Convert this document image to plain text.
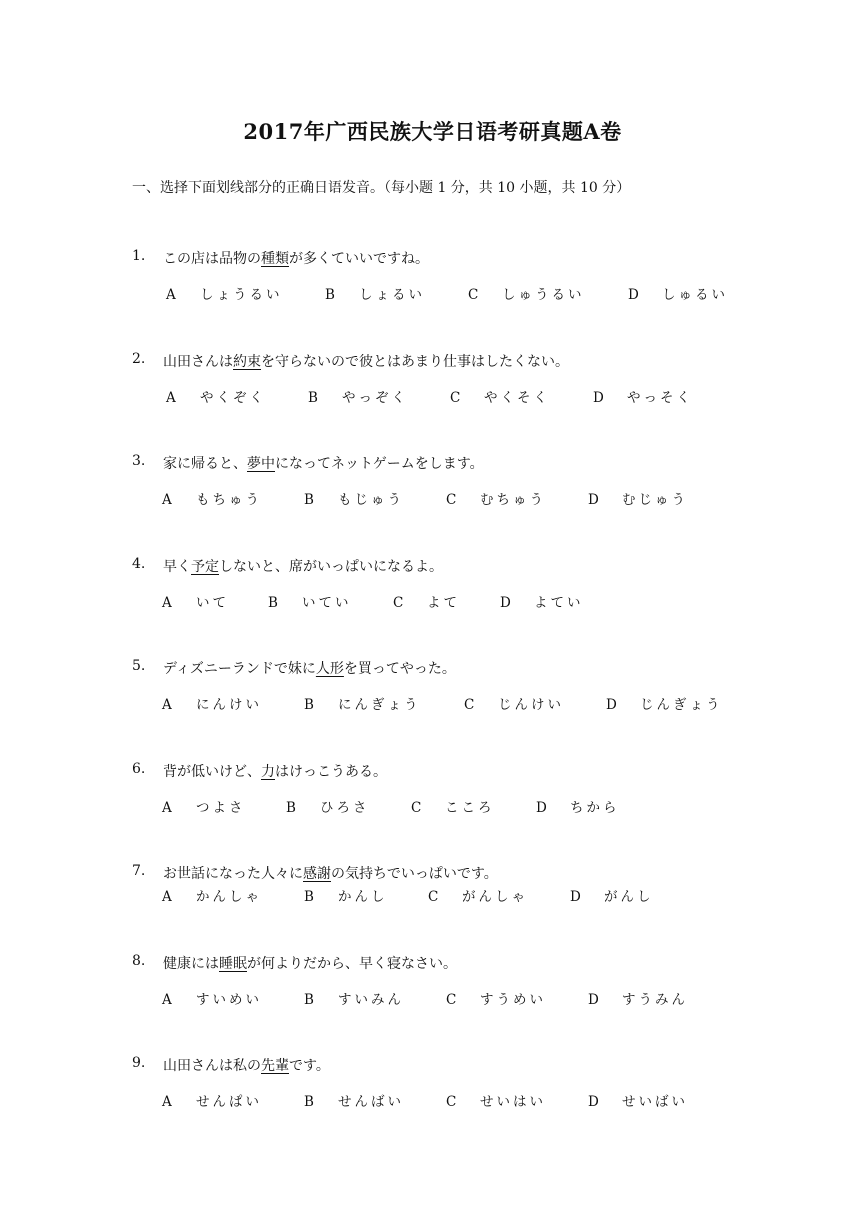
2017年广西民族大学日语考研真题A卷
一、选择下面划线部分的正确日语发音。（每小题 1 分，共 10 小题，共 10 分）
1. この店は品物の種類が多くていいですね。
A しょうるい	B しょるい	C しゅうるい	D しゅるい
2. 山田さんは約束を守らないので彼とはあまり仕事はしたくない。
A やくぞく	B やっぞく	C やくそく	D やっそく
3. 家に帰ると、夢中になってネットゲームをします。
A もちゅう	B もじゅう	C むちゅう	D むじゅう
4. 早く予定しないと、席がいっぱいになるよ。
A いて	B いてい	C よて	D よてい
5. ディズニーランドで妹に人形を買ってやった。
A にんけい	B にんぎょう	C じんけい	D じんぎょう
6. 背が低いけど、力はけっこうある。
A つよさ	B ひろさ	C こころ	D ちから
7. お世話になった人々に感謝の気持ちでいっぱいです。
A かんしゃ	B かんし	C がんしゃ	D がんし
8. 健康には睡眠が何よりだから、早く寝なさい。
A すいめい	B すいみん	C すうめい	D すうみん
9. 山田さんは私の先輩です。
A せんぱい	B せんばい	C せいはい	D せいばい
